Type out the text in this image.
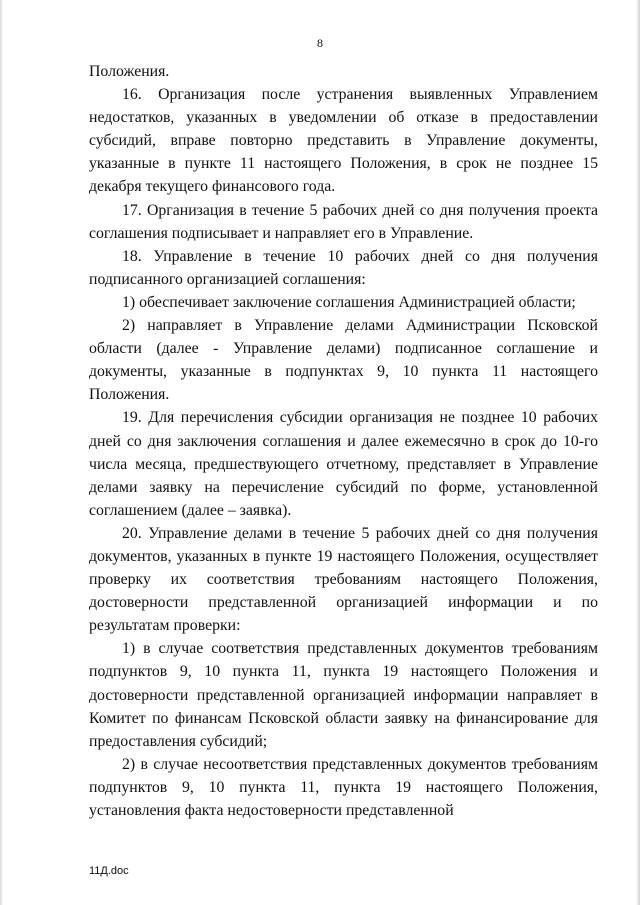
8

Положения.

16. Организация после устранения выявленных Управлением недостатков, указанных в уведомлении об отказе в предоставлении субсидий, вправе повторно представить в Управление документы, указанные в пункте 11 настоящего Положения, в срок не позднее 15 декабря текущего финансового года.

17. Организация в течение 5 рабочих дней со дня получения проекта соглашения подписывает и направляет его в Управление.

18. Управление в течение 10 рабочих дней со дня получения подписанного организацией соглашения:

1) обеспечивает заключение соглашения Администрацией области;

2) направляет в Управление делами Администрации Псковской области (далее - Управление делами) подписанное соглашение и документы, указанные в подпунктах 9, 10 пункта 11 настоящего Положения.

19. Для перечисления субсидии организация не позднее 10 рабочих дней со дня заключения соглашения и далее ежемесячно в срок до 10-го числа месяца, предшествующего отчетному, представляет в Управление делами заявку на перечисление субсидий по форме, установленной соглашением (далее – заявка).

20. Управление делами в течение 5 рабочих дней со дня получения документов, указанных в пункте 19 настоящего Положения, осуществляет проверку их соответствия требованиям настоящего Положения, достоверности представленной организацией информации и по результатам проверки:

1) в случае соответствия представленных документов требованиям подпунктов 9, 10 пункта 11, пункта 19 настоящего Положения и достоверности представленной организацией информации направляет в Комитет по финансам Псковской области заявку на финансирование для предоставления субсидий;

2) в случае несоответствия представленных документов требованиям подпунктов 9, 10 пункта 11, пункта 19 настоящего Положения, установления факта недостоверности представленной

11Д.doc
